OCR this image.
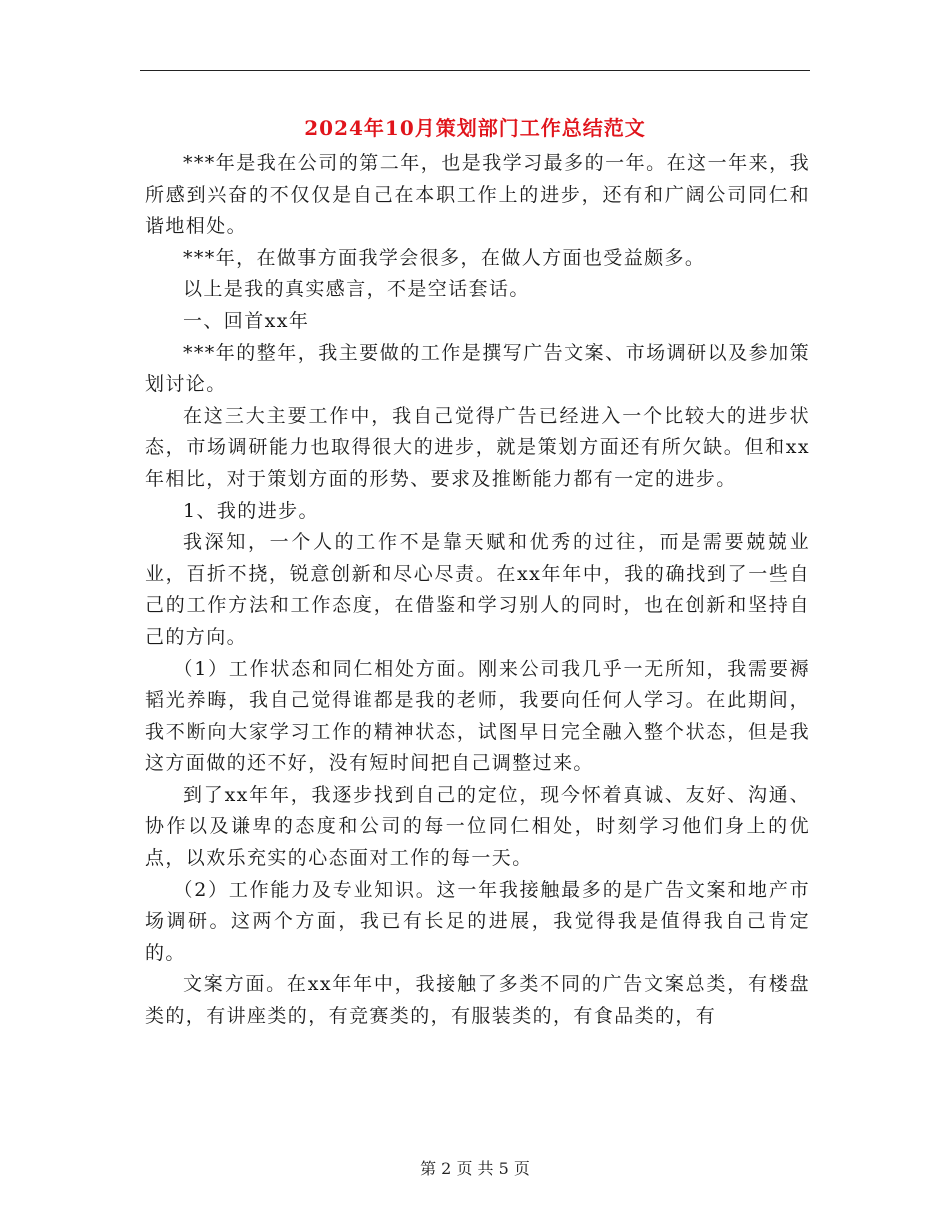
2024年10月策划部门工作总结范文

***年是我在公司的第二年，也是我学习最多的一年。在这一年来，我所感到兴奋的不仅仅是自己在本职工作上的进步，还有和广阔公司同仁和谐地相处。

***年，在做事方面我学会很多，在做人方面也受益颇多。

以上是我的真实感言，不是空话套话。

一、回首xx年

***年的整年，我主要做的工作是撰写广告文案、市场调研以及参加策划讨论。

在这三大主要工作中，我自己觉得广告已经进入一个比较大的进步状态，市场调研能力也取得很大的进步，就是策划方面还有所欠缺。但和xx年相比，对于策划方面的形势、要求及推断能力都有一定的进步。

1、我的进步。

我深知，一个人的工作不是靠天赋和优秀的过往，而是需要兢兢业业，百折不挠，锐意创新和尽心尽责。在xx年年中，我的确找到了一些自己的工作方法和工作态度，在借鉴和学习别人的同时，也在创新和坚持自己的方向。

（1）工作状态和同仁相处方面。刚来公司我几乎一无所知，我需要褥韬光养晦，我自己觉得谁都是我的老师，我要向任何人学习。在此期间，我不断向大家学习工作的精神状态，试图早日完全融入整个状态，但是我这方面做的还不好，没有短时间把自己调整过来。

到了xx年年，我逐步找到自己的定位，现今怀着真诚、友好、沟通、协作以及谦卑的态度和公司的每一位同仁相处，时刻学习他们身上的优点，以欢乐充实的心态面对工作的每一天。

（2）工作能力及专业知识。这一年我接触最多的是广告文案和地产市场调研。这两个方面，我已有长足的进展，我觉得我是值得我自己肯定的。

文案方面。在xx年年中，我接触了多类不同的广告文案总类，有楼盘类的，有讲座类的，有竞赛类的，有服装类的，有食品类的，有

第 2 页 共 5 页
